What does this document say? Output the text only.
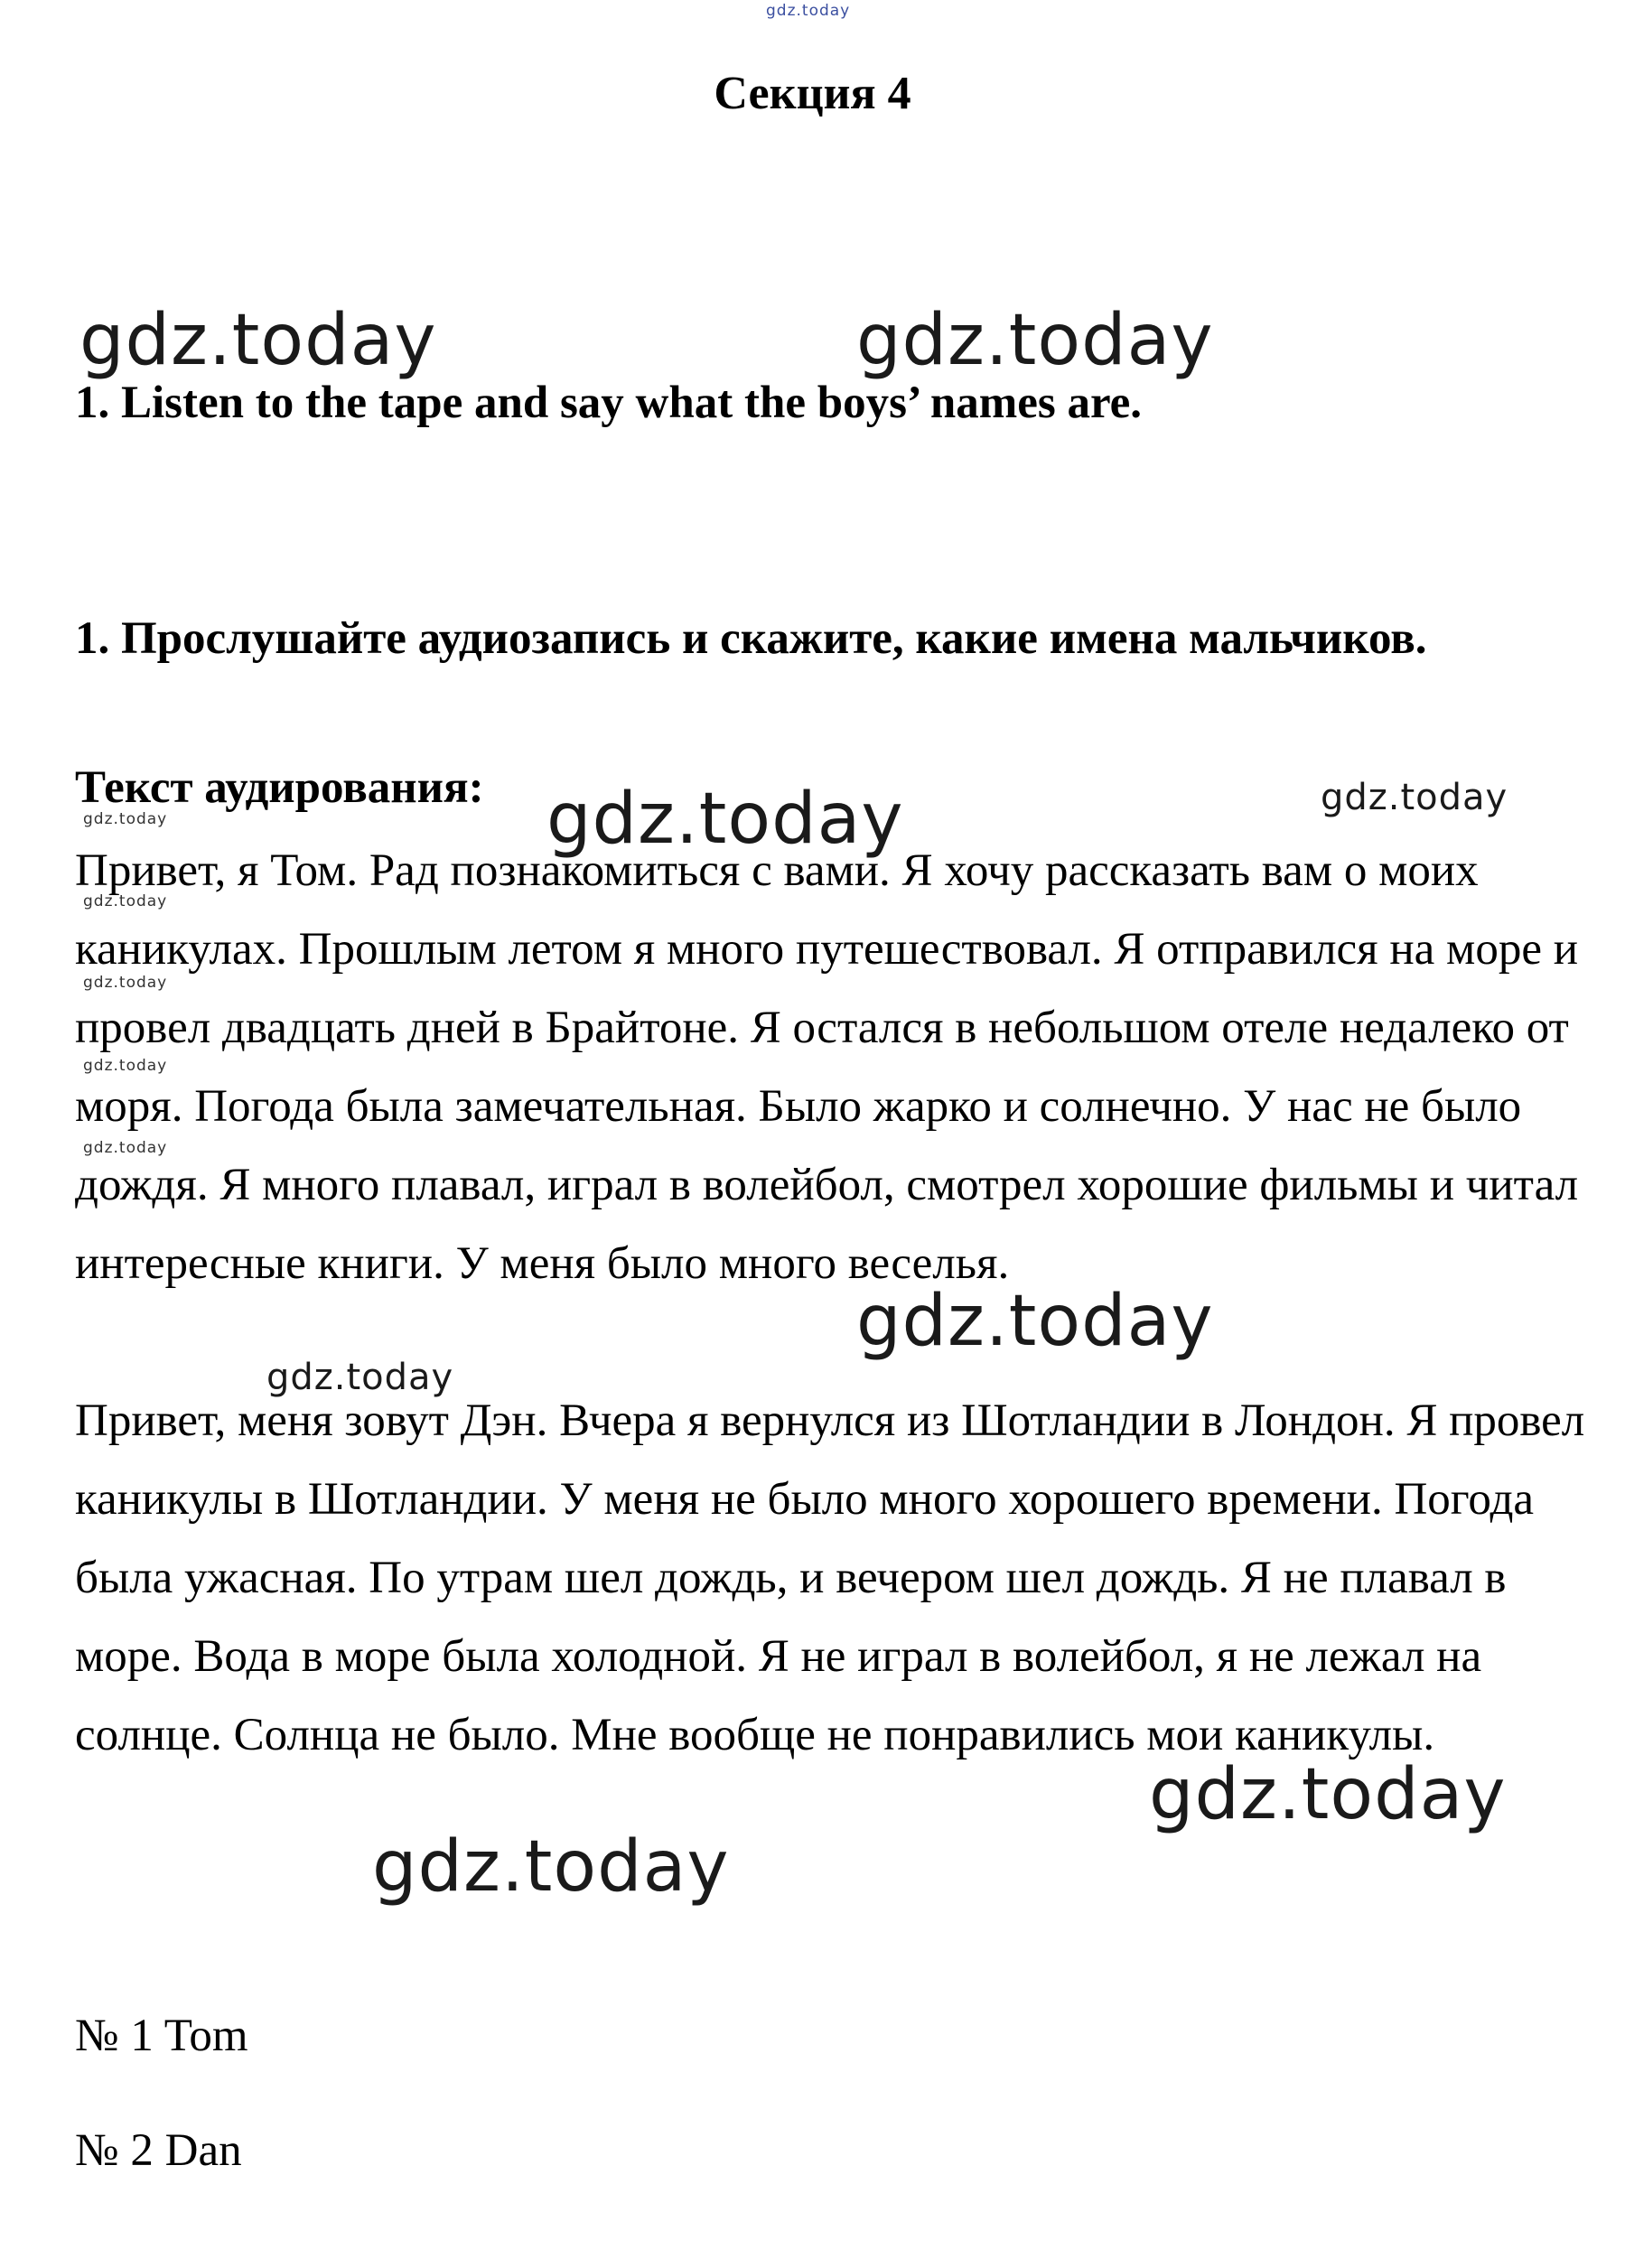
gdz.today
Секция 4
gdz.today	gdz.today
1. Listen to the tape and say what the boys’ names are.
1. Прослушайте аудиозапись и скажите, какие имена мальчиков.
Текст аудирования: gdz.today	gdz.today
gdz.today
gdz.today
gdz.today
gdz.today
gdz.today
Привет, я Том. Рад познакомиться с вами. Я хочу рассказать вам о моих каникулах. Прошлым летом я много путешествовал. Я отправился на море и провел двадцать дней в Брайтоне. Я остался в небольшом отеле недалеко от моря. Погода была замечательная. Было жарко и солнечно. У нас не было дождя. Я много плавал, играл в волейбол, смотрел хорошие фильмы и читал интересные книги. У меня было много веселья.
gdz.today
gdz.today
Привет, меня зовут Дэн. Вчера я вернулся из Шотландии в Лондон. Я провел каникулы в Шотландии. У меня не было много хорошего времени. Погода была ужасная. По утрам шел дождь, и вечером шел дождь. Я не плавал в море. Вода в море была холодной. Я не играл в волейбол, я не лежал на солнце. Солнца не было. Мне вообще не понравились мои каникулы.
gdz.today
gdz.today
№ 1 Tom
№ 2 Dan
